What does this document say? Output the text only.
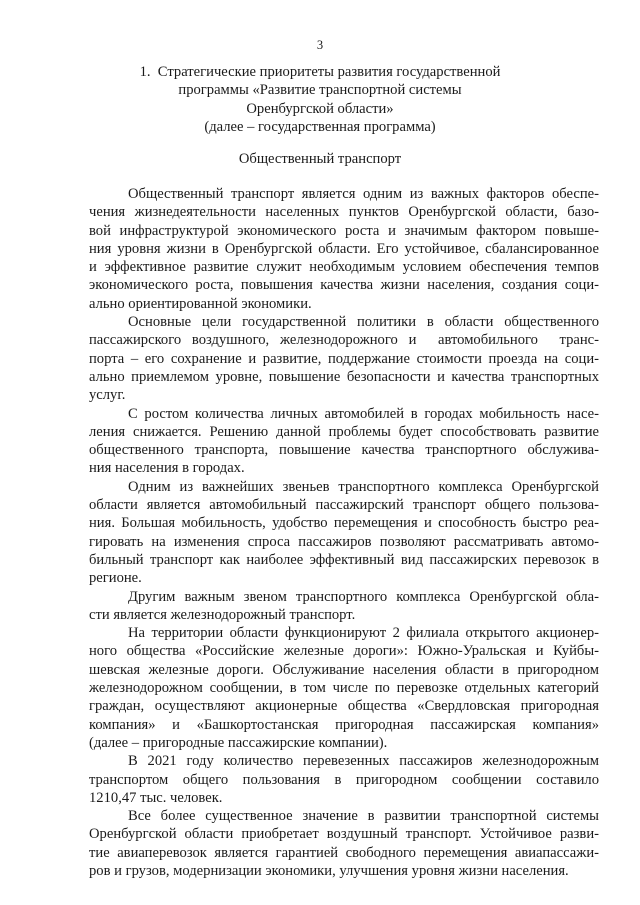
3
1.  Стратегические приоритеты развития государственной
программы «Развитие транспортной системы
Оренбургской области»
(далее – государственная программа)
Общественный транспорт
Общественный транспорт является одним из важных факторов обеспе-
чения жизнедеятельности населенных пунктов Оренбургской области, базо-
вой инфраструктурой экономического роста и значимым фактором повыше-
ния уровня жизни в Оренбургской области. Его устойчивое, сбалансированное
и эффективное развитие служит необходимым условием обеспечения темпов
экономического роста, повышения качества жизни населения, создания соци-
ально ориентированной экономики.
Основные цели государственной политики в области общественного
пассажирского воздушного, железнодорожного и  автомобильного  транс-
порта – его сохранение и развитие, поддержание стоимости проезда на соци-
ально приемлемом уровне, повышение безопасности и качества транспортных
услуг.
С ростом количества личных автомобилей в городах мобильность насе-
ления снижается. Решению данной проблемы будет способствовать развитие
общественного транспорта, повышение качества транспортного обслужива-
ния населения в городах.
Одним из важнейших звеньев транспортного комплекса Оренбургской
области является автомобильный пассажирский транспорт общего пользова-
ния. Большая мобильность, удобство перемещения и способность быстро реа-
гировать на изменения спроса пассажиров позволяют рассматривать автомо-
бильный транспорт как наиболее эффективный вид пассажирских перевозок в
регионе.
Другим важным звеном транспортного комплекса Оренбургской обла-
сти является железнодорожный транспорт.
На территории области функционируют 2 филиала открытого акционер-
ного общества «Российские железные дороги»: Южно-Уральская и Куйбы-
шевская железные дороги. Обслуживание населения области в пригородном
железнодорожном сообщении, в том числе по перевозке отдельных категорий
граждан, осуществляют акционерные общества «Свердловская пригородная
компания»  и  «Башкортостанская  пригородная  пассажирская  компания»
(далее – пригородные пассажирские компании).
В 2021 году количество перевезенных пассажиров железнодорожным
транспортом  общего  пользования  в  пригородном  сообщении  составило
1210,47 тыс. человек.
Все более существенное значение в развитии транспортной системы
Оренбургской области приобретает воздушный транспорт. Устойчивое разви-
тие авиаперевозок является гарантией свободного перемещения авиапассажи-
ров и грузов, модернизации экономики, улучшения уровня жизни населения.
